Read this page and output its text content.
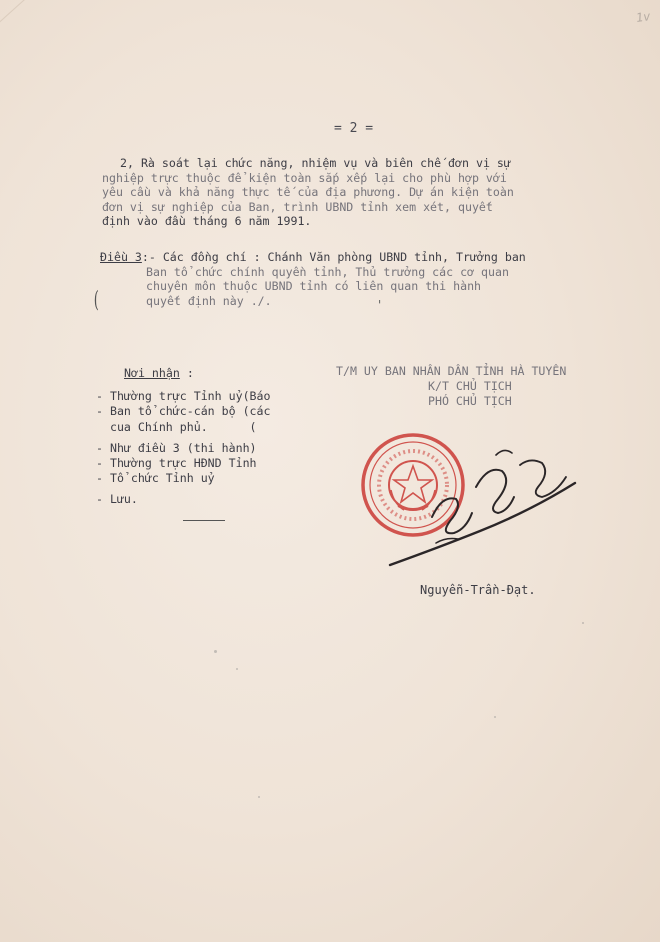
1v
= 2 =
2, Rà soát lại chức năng, nhiệm vụ và biên chế đơn vị sự
nghiệp trực thuộc để kiện toàn sắp xếp lại cho phù hợp với
yêu cầu và khả năng thực tế của địa phương. Dự án kiện toàn
đơn vị sự nghiệp của Ban, trình UBND tỉnh xem xét, quyết
định vào đầu tháng 6 năm 1991.
Điều 3:- Các đồng chí : Chánh Văn phòng UBND tỉnh, Trưởng ban
Ban tổ chức chính quyền tỉnh, Thủ trưởng các cơ quan
chuyên môn thuộc UBND tỉnh có liên quan thi hành
quyết định này ./.
(	'
Nơi nhận :
- Thường trực Tỉnh uỷ(Báo
- Ban tổ chức-cán bộ (các
cua Chính phủ.      (
- Như điều 3 (thi hành)
- Thường trực HĐND Tỉnh
- Tổ chức Tỉnh uỷ
- Lưu.
T/M UY BAN NHÂN DÂN TỈNH HÀ TUYÊN
K/T CHỦ TỊCH
PHÓ CHỦ TỊCH
Nguyễn-Trần-Đạt.
